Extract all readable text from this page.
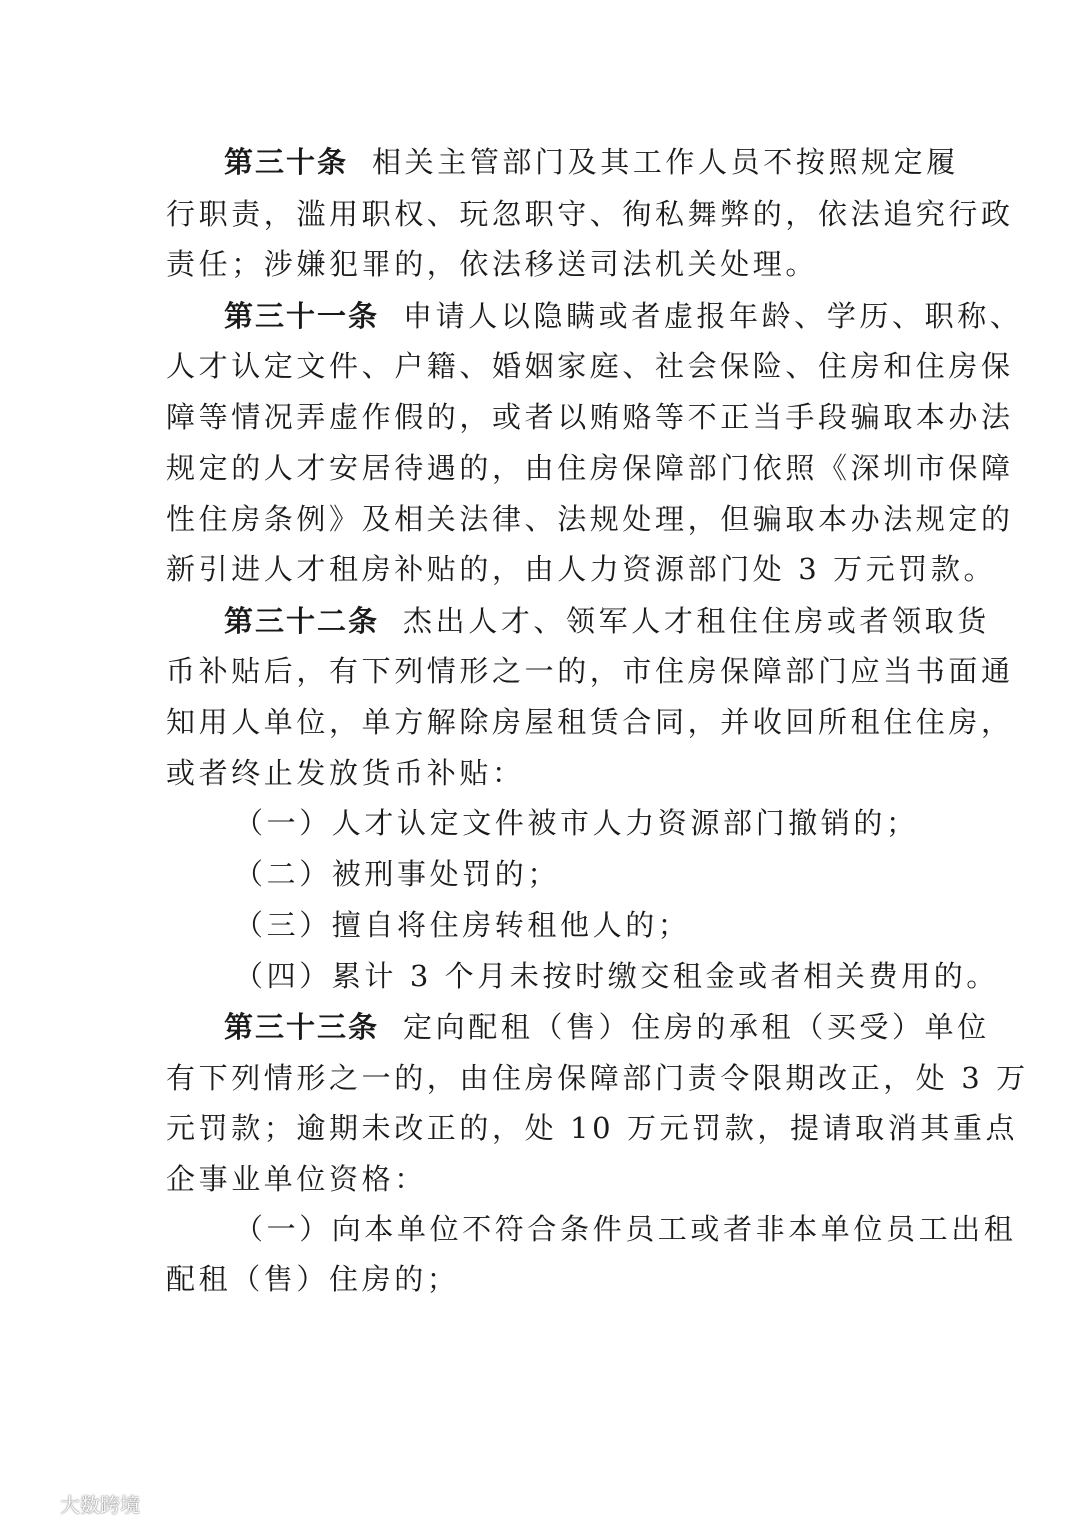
第三十条 相关主管部门及其工作人员不按照规定履
行职责，滥用职权、玩忽职守、徇私舞弊的，依法追究行政
责任；涉嫌犯罪的，依法移送司法机关处理。
第三十一条 申请人以隐瞒或者虚报年龄、学历、职称、
人才认定文件、户籍、婚姻家庭、社会保险、住房和住房保
障等情况弄虚作假的，或者以贿赂等不正当手段骗取本办法
规定的人才安居待遇的，由住房保障部门依照《深圳市保障
性住房条例》及相关法律、法规处理，但骗取本办法规定的
新引进人才租房补贴的，由人力资源部门处 3 万元罚款。
第三十二条 杰出人才、领军人才租住住房或者领取货
币补贴后，有下列情形之一的，市住房保障部门应当书面通
知用人单位，单方解除房屋租赁合同，并收回所租住住房，
或者终止发放货币补贴：
（一）人才认定文件被市人力资源部门撤销的；
（二）被刑事处罚的；
（三）擅自将住房转租他人的；
（四）累计 3 个月未按时缴交租金或者相关费用的。
第三十三条 定向配租（售）住房的承租（买受）单位
有下列情形之一的，由住房保障部门责令限期改正，处 3 万
元罚款；逾期未改正的，处 10 万元罚款，提请取消其重点
企事业单位资格：
（一）向本单位不符合条件员工或者非本单位员工出租
配租（售）住房的；
大数跨境
